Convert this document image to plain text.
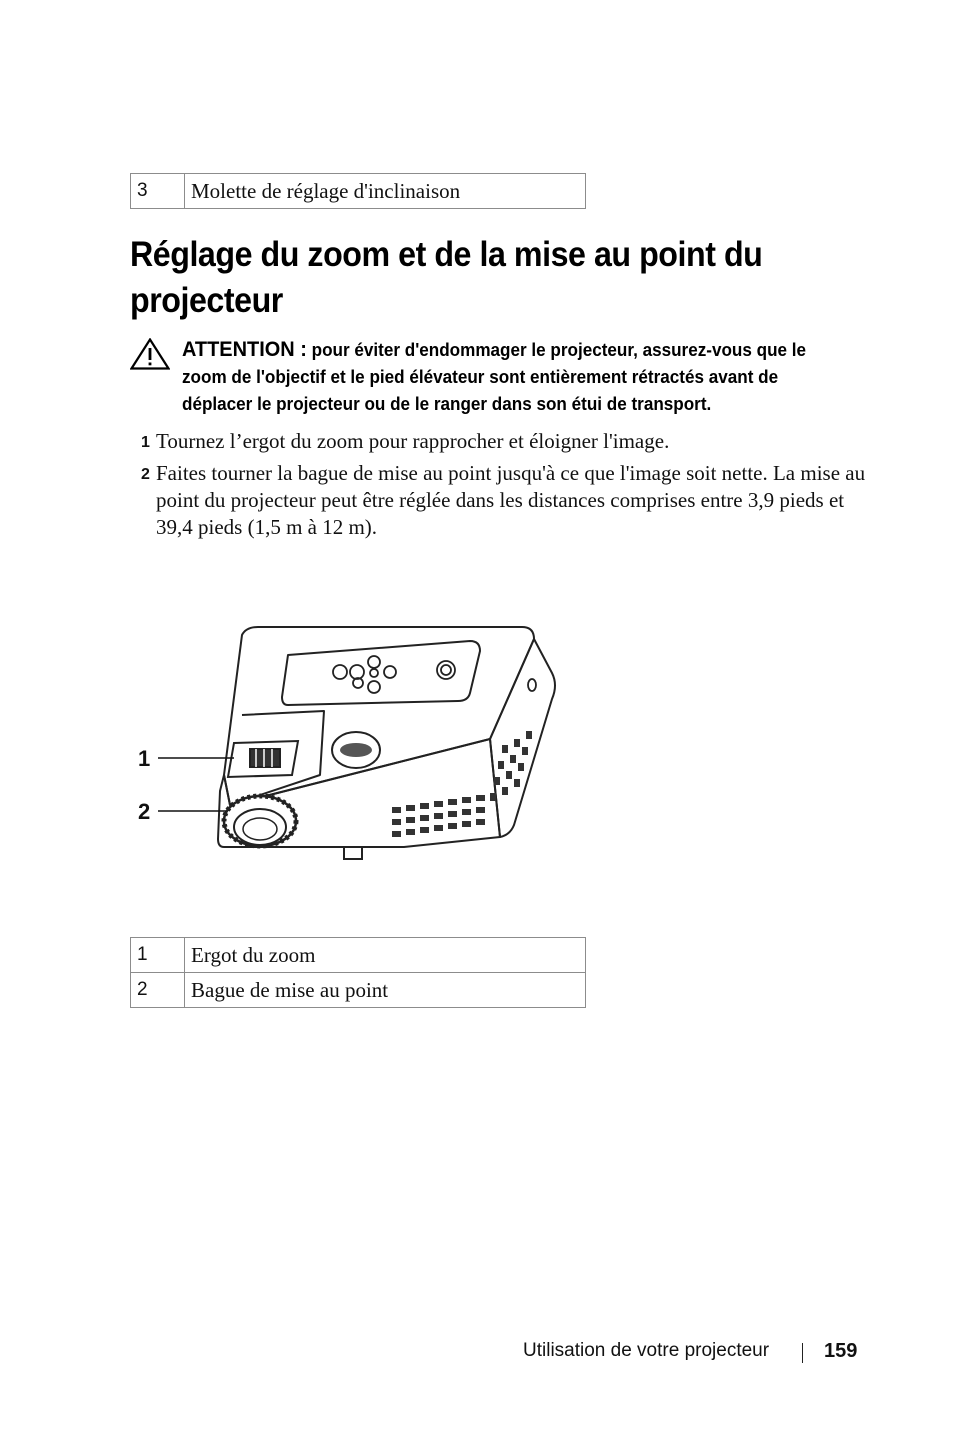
3	Molette de réglage d'inclinaison
Réglage du zoom et de la mise au point du projecteur
ATTENTION : pour éviter d'endommager le projecteur, assurez-vous que le zoom de l'objectif et le pied élévateur sont entièrement rétractés avant de déplacer le projecteur ou de le ranger dans son étui de transport.
1 Tournez l’ergot du zoom pour rapprocher et éloigner l'image.
2 Faites tourner la bague de mise au point jusqu'à ce que l'image soit nette. La mise au point du projecteur peut être réglée dans les distances comprises entre 3,9 pieds et 39,4 pieds (1,5 m à 12 m).
1
2
1	Ergot du zoom
2	Bague de mise au point
Utilisation de votre projecteur	159
